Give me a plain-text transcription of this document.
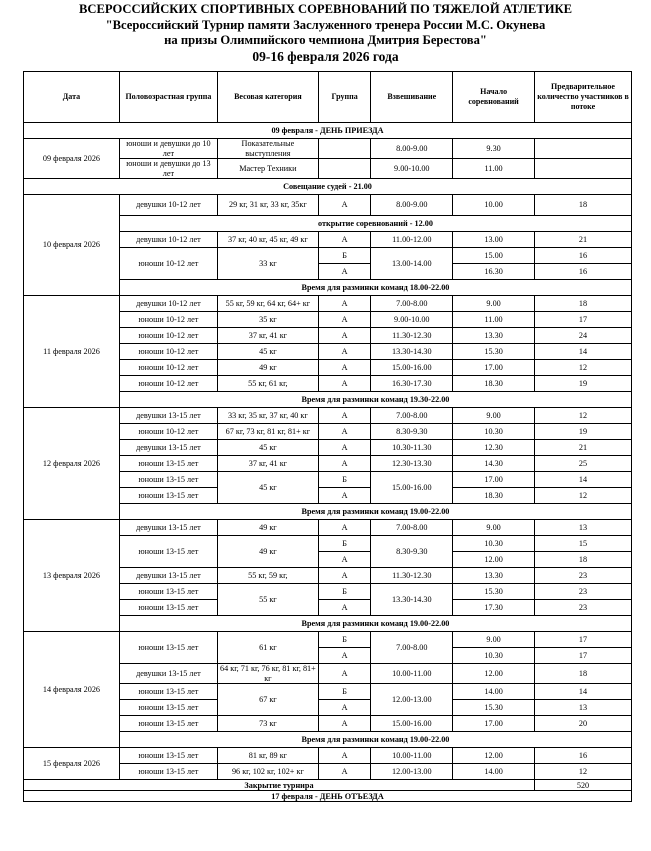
ВСЕРОССИЙСКИХ СПОРТИВНЫХ СОРЕВНОВАНИЙ ПО ТЯЖЕЛОЙ АТЛЕТИКЕ
"Всероссийский Турнир памяти Заслуженного тренера России М.С. Окунева
на призы Олимпийского чемпиона Дмитрия Берестова"
09-16 февраля 2026 года
Дата	Половозрастная группа	Весовая категория	Группа	Взвешивание	Начало соревнований	Предварительное количество участников в потоке
09 февраля - ДЕНЬ ПРИЕЗДА						
09 февраля 2026	юноши и девушки до 10 лет	Показательные выступления		8.00-9.00	9.30	
	юноши и девушки до 13 лет	Мастер Техники		9.00-10.00	11.00	
Совещание судей - 21.00						
10 февраля 2026	девушки 10-12 лет	29 кг, 31 кг, 33 кг, 35кг	А	8.00-9.00	10.00	18
	открытие соревнований - 12.00					
	девушки 10-12 лет	37 кг, 40 кг, 45 кг, 49 кг	А	11.00-12.00	13.00	21
	юноши 10-12 лет	33 кг	Б	13.00-14.00	15.00	16
			А		16.30	16
	Время для разминки команд 18.00-22.00					
11 февраля 2026	девушки 10-12 лет	55 кг, 59 кг, 64 кг, 64+ кг	А	7.00-8.00	9.00	18
	юноши 10-12 лет	35 кг	А	9.00-10.00	11.00	17
	юноши 10-12 лет	37 кг, 41 кг	А	11.30-12.30	13.30	24
	юноши 10-12 лет	45 кг	А	13.30-14.30	15.30	14
	юноши 10-12 лет	49 кг	А	15.00-16.00	17.00	12
	юноши 10-12 лет	55 кг, 61 кг,	А	16.30-17.30	18.30	19
	Время для разминки команд 19.30-22.00					
12 февраля 2026	девушки 13-15 лет	33 кг, 35 кг, 37 кг, 40 кг	А	7.00-8.00	9.00	12
	юноши 10-12 лет	67 кг, 73 кг, 81 кг, 81+ кг	А	8.30-9.30	10.30	19
	девушки 13-15 лет	45 кг	А	10.30-11.30	12.30	21
	юноши 13-15 лет	37 кг, 41 кг	А	12.30-13.30	14.30	25
	юноши 13-15 лет	45 кг	Б	15.00-16.00	17.00	14
	юноши 13-15 лет		А		18.30	12
	Время для разминки команд 19.00-22.00					
13 февраля 2026	девушки 13-15 лет	49 кг	А	7.00-8.00	9.00	13
	юноши 13-15 лет	49 кг	Б	8.30-9.30	10.30	15
			А		12.00	18
	девушки 13-15 лет	55 кг, 59 кг,	А	11.30-12.30	13.30	23
	юноши 13-15 лет	55 кг	Б	13.30-14.30	15.30	23
	юноши 13-15 лет		А		17.30	23
	Время для разминки команд 19.00-22.00					
14 февраля 2026	юноши 13-15 лет	61 кг	Б	7.00-8.00	9.00	17
			А		10.30	17
	девушки 13-15 лет	64 кг, 71 кг, 76 кг, 81 кг, 81+ кг	А	10.00-11.00	12.00	18
	юноши 13-15 лет	67 кг	Б	12.00-13.00	14.00	14
	юноши 13-15 лет		А		15.30	13
	юноши 13-15 лет	73 кг	А	15.00-16.00	17.00	20
	Время для разминки команд 19.00-22.00					
15 февраля 2026	юноши 13-15 лет	81 кг, 89 кг	А	10.00-11.00	12.00	16
	юноши 13-15 лет	96 кг, 102 кг, 102+ кг	А	12.00-13.00	14.00	12
Закрытие турнира						520
17 февраля - ДЕНЬ ОТЪЕЗДА						
